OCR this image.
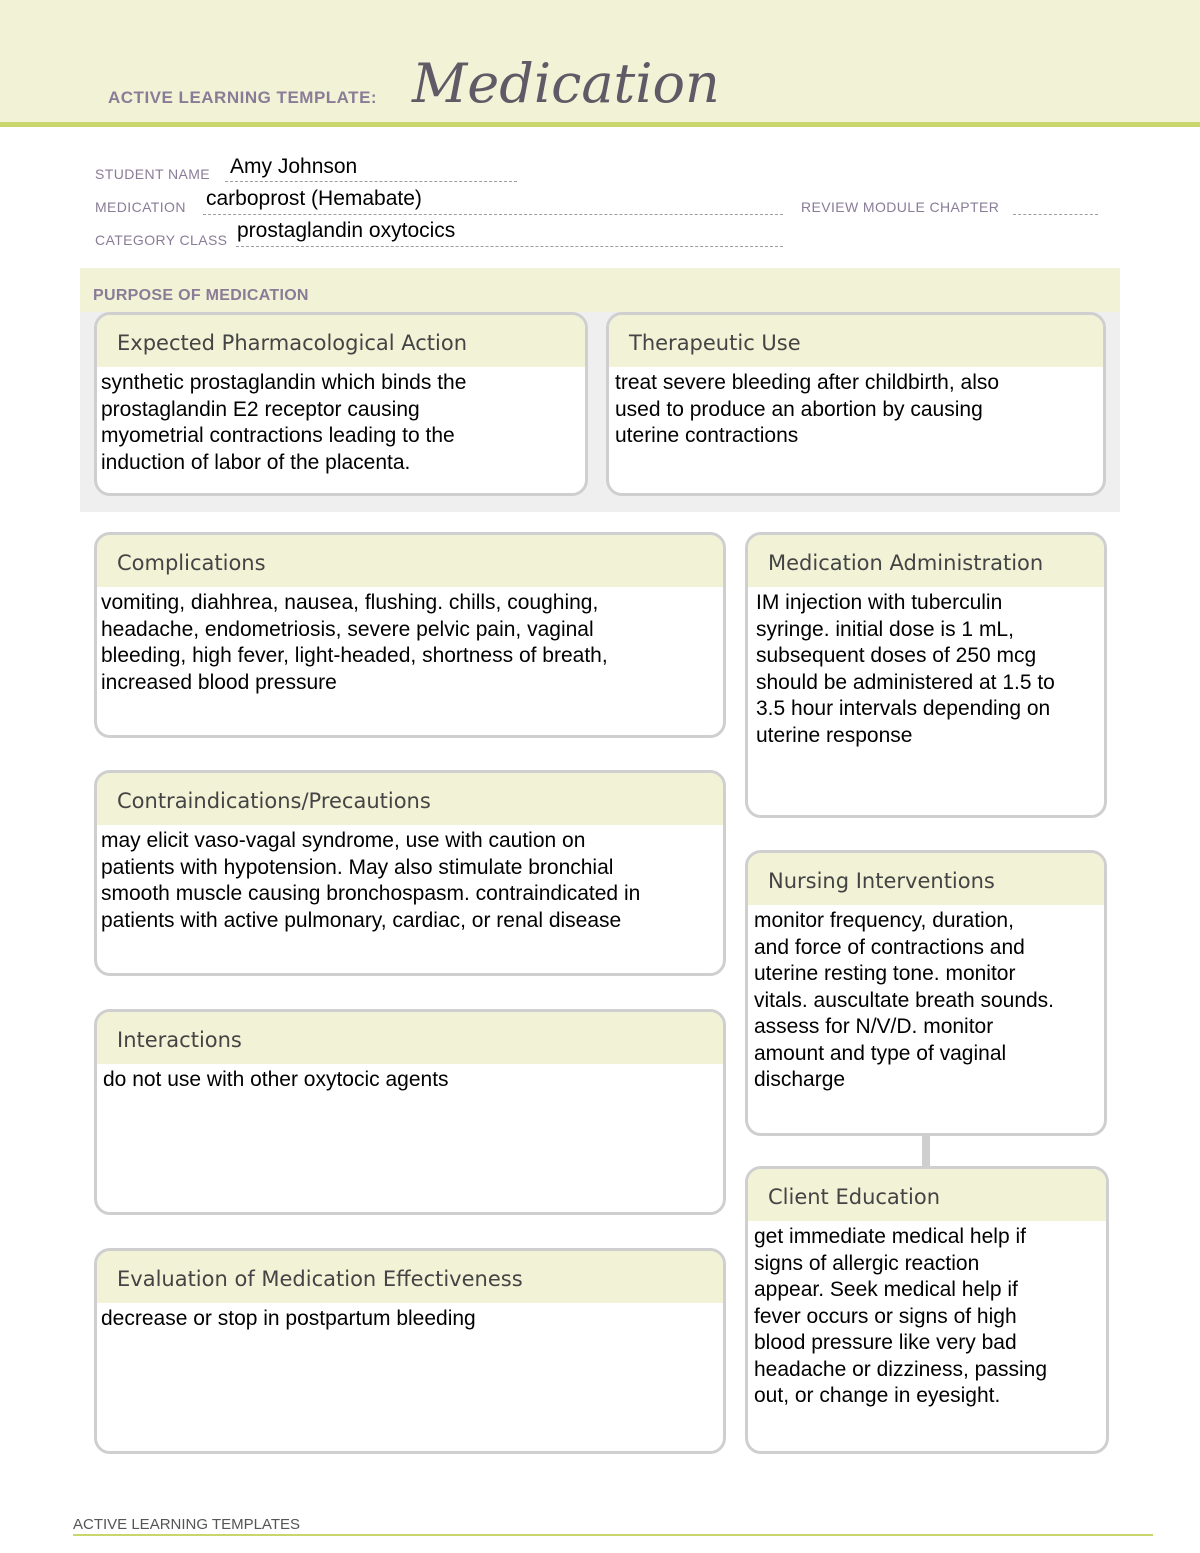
ACTIVE LEARNING TEMPLATE: Medication
STUDENT NAME Amy Johnson
MEDICATION carboprost (Hemabate)	REVIEW MODULE CHAPTER
CATEGORY CLASS prostaglandin oxytocics
PURPOSE OF MEDICATION
Expected Pharmacological Action
synthetic prostaglandin which binds the
prostaglandin E2 receptor causing
myometrial contractions leading to the
induction of labor of the placenta.
Therapeutic Use
treat severe bleeding after childbirth, also
used to produce an abortion by causing
uterine contractions
Complications
vomiting, diahhrea, nausea, flushing. chills, coughing,
headache, endometriosis, severe pelvic pain, vaginal
bleeding, high fever, light-headed, shortness of breath,
increased blood pressure
Contraindications/Precautions
may elicit vaso-vagal syndrome, use with caution on
patients with hypotension. May also stimulate bronchial
smooth muscle causing bronchospasm. contraindicated in
patients with active pulmonary, cardiac, or renal disease
Interactions
do not use with other oxytocic agents
Evaluation of Medication Effectiveness
decrease or stop in postpartum bleeding
Medication Administration
IM injection with tuberculin
syringe. initial dose is 1 mL,
subsequent doses of 250 mcg
should be administered at 1.5 to
3.5 hour intervals depending on
uterine response
Nursing Interventions
monitor frequency, duration,
and force of contractions and
uterine resting tone. monitor
vitals. auscultate breath sounds.
assess for N/V/D. monitor
amount and type of vaginal
discharge
Client Education
get immediate medical help if
signs of allergic reaction
appear. Seek medical help if
fever occurs or signs of high
blood pressure like very bad
headache or dizziness, passing
out, or change in eyesight.
ACTIVE LEARNING TEMPLATES
